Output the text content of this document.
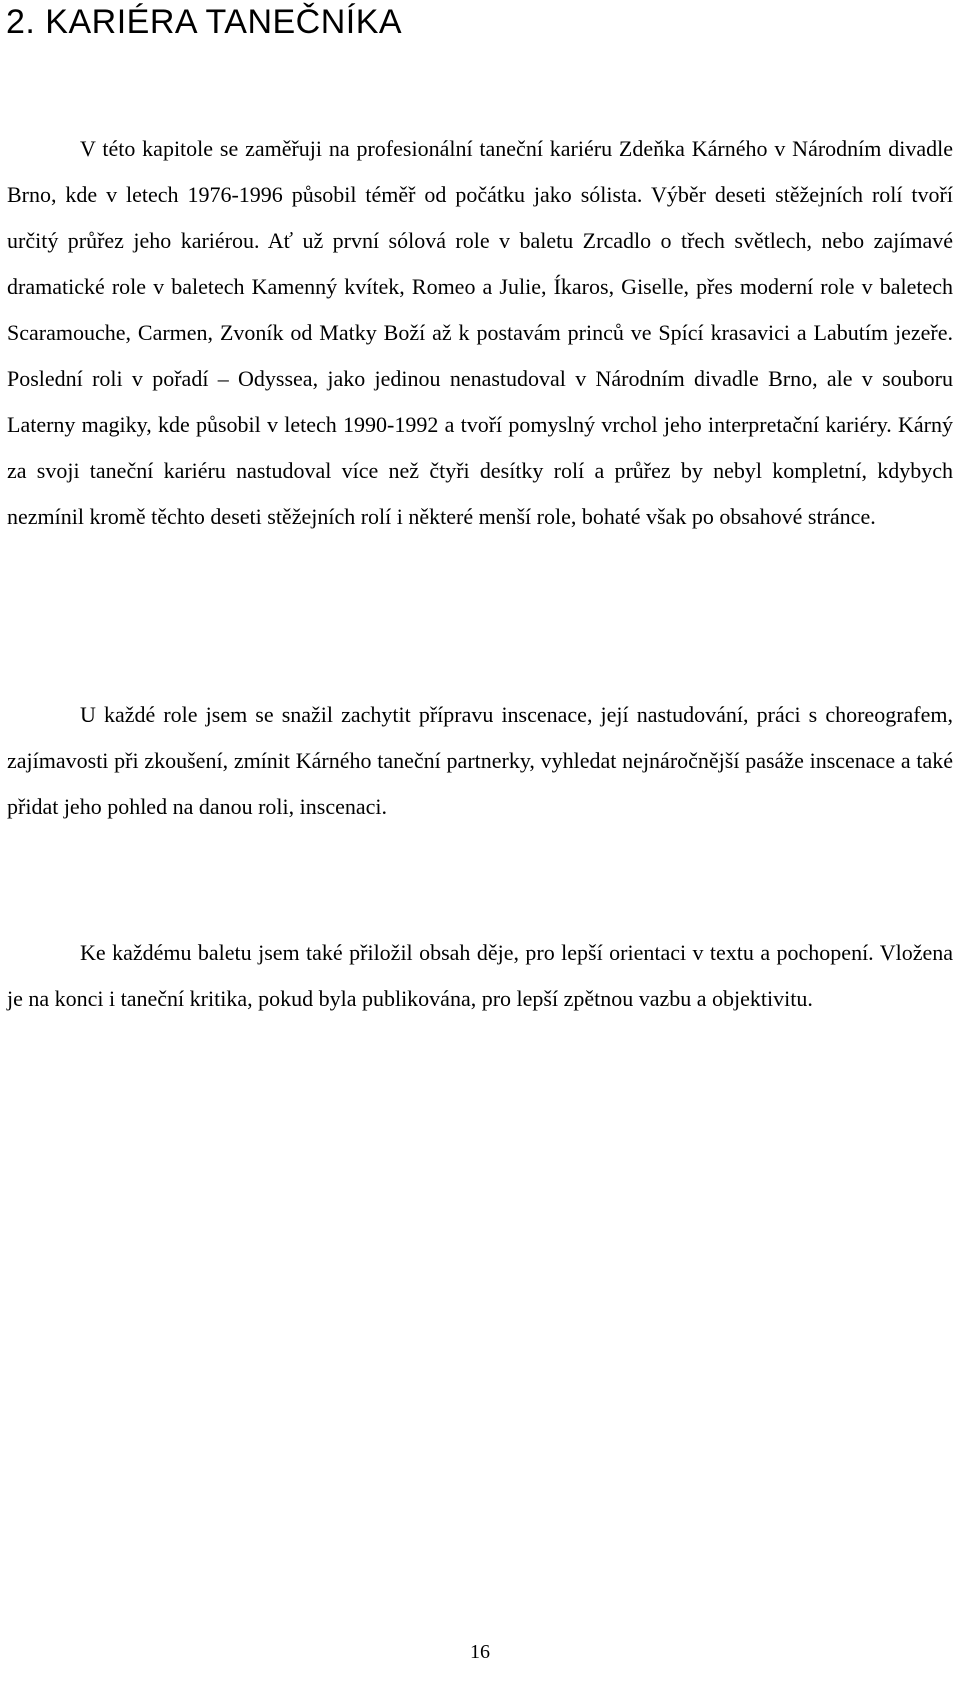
2. KARIÉRA TANEČNÍKA

V této kapitole se zaměřuji na profesionální taneční kariéru Zdeňka Kárného v Národním divadle Brno, kde v letech 1976-1996 působil téměř od počátku jako sólista. Výběr deseti stěžejních rolí tvoří určitý průřez jeho kariérou. Ať už první sólová role v baletu Zrcadlo o třech světlech, nebo zajímavé dramatické role v baletech Kamenný kvítek, Romeo a Julie, Íkaros, Giselle, přes moderní role v baletech Scaramouche, Carmen, Zvoník od Matky Boží až k postavám princů ve Spící krasavici a Labutím jezeře. Poslední roli v pořadí – Odyssea, jako jedinou nenastudoval v Národním divadle Brno, ale v souboru Laterny magiky, kde působil v letech 1990-1992 a tvoří pomyslný vrchol jeho interpretační kariéry. Kárný za svoji taneční kariéru nastudoval více než čtyři desítky rolí a průřez by nebyl kompletní, kdybych nezmínil kromě těchto deseti stěžejních rolí i některé menší role, bohaté však po obsahové stránce.

U každé role jsem se snažil zachytit přípravu inscenace, její nastudování, práci s choreografem, zajímavosti při zkoušení, zmínit Kárného taneční partnerky, vyhledat nejnáročnější pasáže inscenace a také přidat jeho pohled na danou roli, inscenaci.

Ke každému baletu jsem také přiložil obsah děje, pro lepší orientaci v textu a pochopení. Vložena je na konci i taneční kritika, pokud byla publikována, pro lepší zpětnou vazbu a objektivitu.

16
